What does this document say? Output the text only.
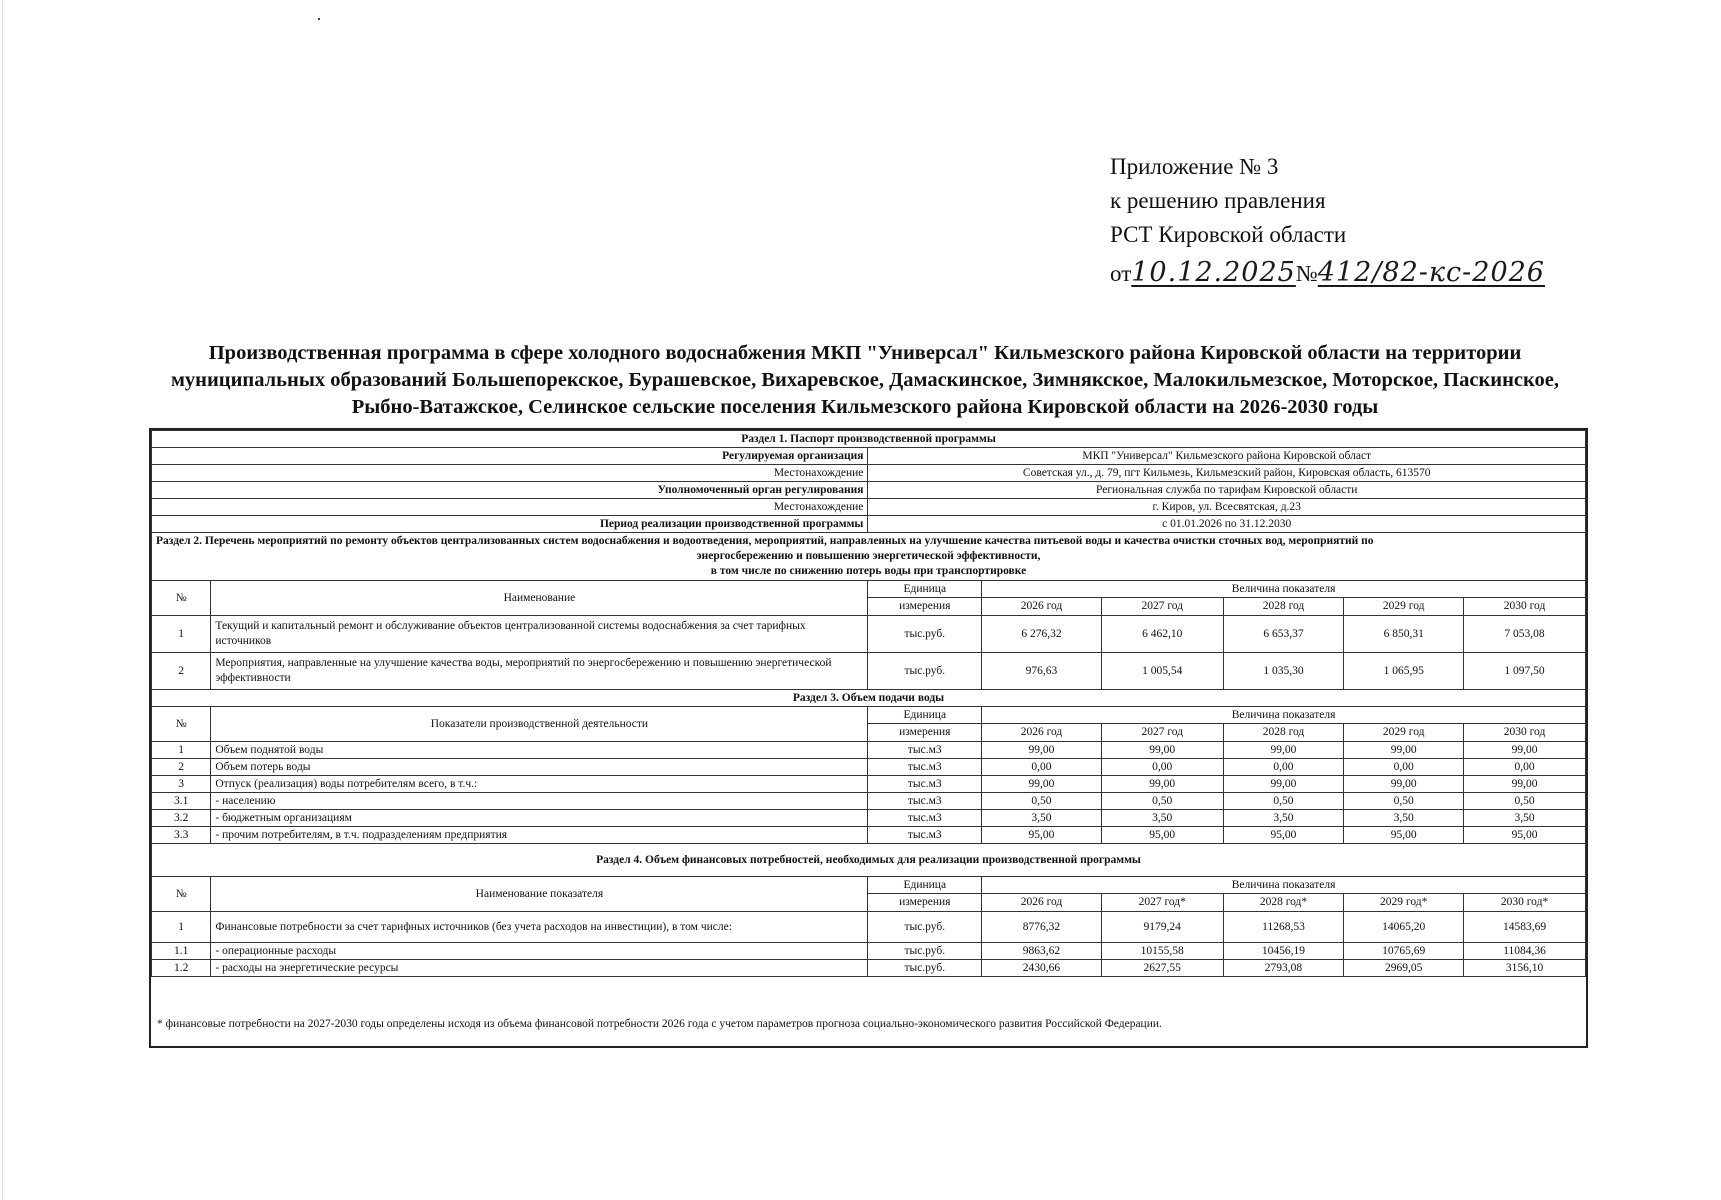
Приложение № 3
к решению правления
РСТ Кировской области
от 10.12.2025 № 412/82-кс-2026
Производственная программа в сфере холодного водоснабжения МКП "Универсал" Кильмезского района Кировской области на территории
муниципальных образований Большепорекское, Бурашевское, Вихаревское, Дамаскинское, Зимнякское, Малокильмезское, Моторское, Паскинское,
Рыбно-Ватажское, Селинское сельские поселения Кильмезского района Кировской области на 2026-2030 годы
Раздел 1. Паспорт производственной программы							
Регулируемая организация		МКП "Универсал" Кильмезского района Кировской област					
Местонахождение		Советская ул., д. 79, пгт Кильмезь, Кильмезский район, Кировская область, 613570					
Уполномоченный орган регулирования		Региональная служба по тарифам Кировской области					
Местонахождение		г. Киров, ул. Всесвятская, д.23					
Период реализации производственной программы		с 01.01.2026 по 31.12.2030					

Раздел 2. Перечень мероприятий по ремонту объектов централизованных систем водоснабжения и водоотведения, мероприятий, направленных на улучшение качества питьевой воды и качества очистки сточных вод, мероприятий по
энергосбережению и повышению энергетической эффективности,
в том числе по снижению потерь воды при транспортировке							

№	Наименование	Единица	Величина показателя				
		измерения	2026 год	2027 год	2028 год	2029 год	2030 год
1	Текущий и капитальный ремонт и обслуживание объектов централизованной системы водоснабжения за счет тарифных источников	тыс.руб.	6 276,32	6 462,10	6 653,37	6 850,31	7 053,08
2	Мероприятия, направленные на улучшение качества воды, мероприятий по энергосбережению и повышению энергетической эффективности	тыс.руб.	976,63	1 005,54	1 035,30	1 065,95	1 097,50
Раздел 3. Объем подачи воды							
№	Показатели производственной деятельности	Единица	Величина показателя				
		измерения	2026 год	2027 год	2028 год	2029 год	2030 год
1	Объем поднятой воды	тыс.м3	99,00	99,00	99,00	99,00	99,00
2	Объем потерь воды	тыс.м3	0,00	0,00	0,00	0,00	0,00
3	Отпуск (реализация) воды потребителям всего, в т.ч.:	тыс.м3	99,00	99,00	99,00	99,00	99,00
3.1	- населению	тыс.м3	0,50	0,50	0,50	0,50	0,50
3.2	- бюджетным организациям	тыс.м3	3,50	3,50	3,50	3,50	3,50
3.3	- прочим потребителям, в т.ч. подразделениям предприятия	тыс.м3	95,00	95,00	95,00	95,00	95,00
Раздел 4. Объем финансовых потребностей, необходимых для реализации производственной программы							
№	Наименование показателя	Единица	Величина показателя				
		измерения	2026 год	2027 год*	2028 год*	2029 год*	2030 год*
1	Финансовые потребности за счет тарифных источников (без учета расходов на инвестиции), в том числе:	тыс.руб.	8776,32	9179,24	11268,53	14065,20	14583,69
1.1	- операционные расходы	тыс.руб.	9863,62	10155,58	10456,19	10765,69	11084,36
1.2	- расходы на энергетические ресурсы	тыс.руб.	2430,66	2627,55	2793,08	2969,05	3156,10
* финансовые потребности на 2027-2030 годы определены исходя из объема финансовой потребности 2026 года с учетом параметров прогноза социально-экономического развития Российской Федерации.
